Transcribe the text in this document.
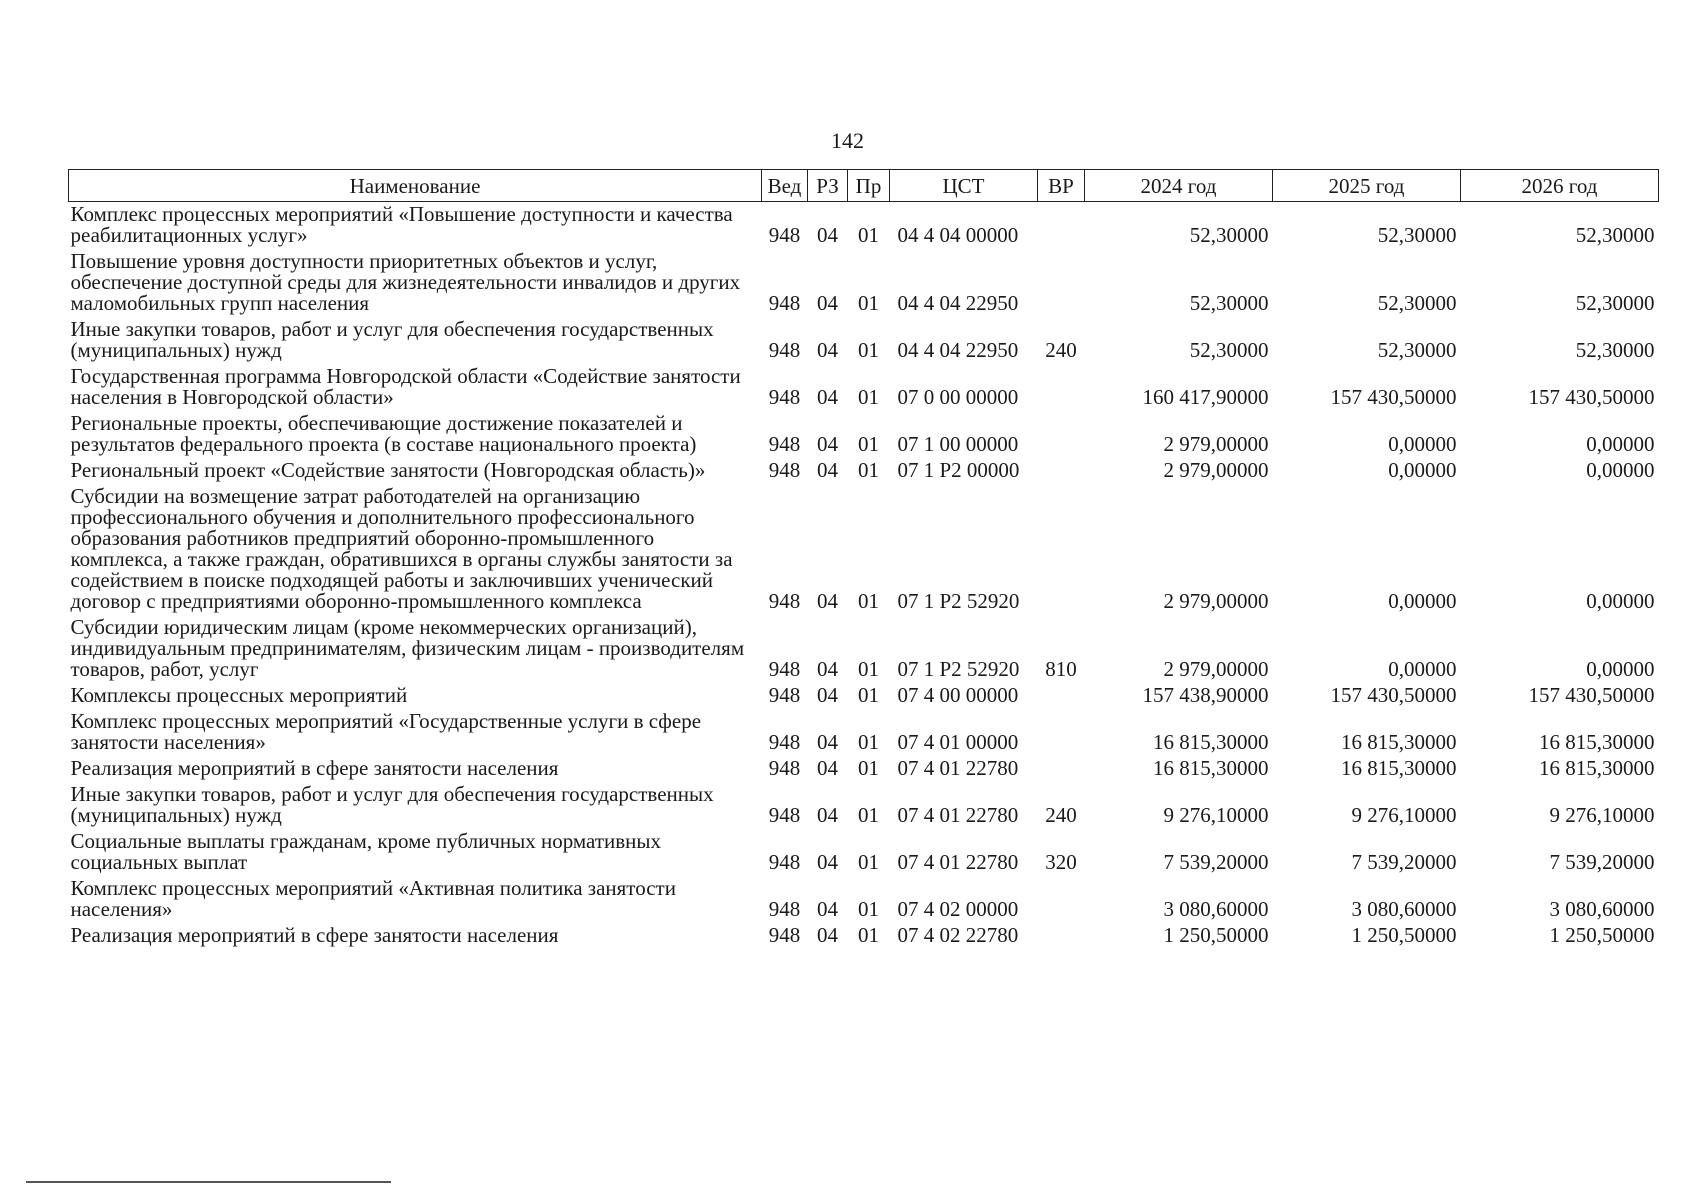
142
Наименование	Вед	РЗ	Пр	ЦСТ	ВР	2024 год	2025 год	2026 год
Комплекс процессных мероприятий «Повышение доступности и качества реабилитационных услуг»	948	04	01	04 4 04 00000		52,30000	52,30000	52,30000
Повышение уровня доступности приоритетных объектов и услуг, обеспечение доступной среды для жизнедеятельности инвалидов и других маломобильных групп населения	948	04	01	04 4 04 22950		52,30000	52,30000	52,30000
Иные закупки товаров, работ и услуг для обеспечения государственных (муниципальных) нужд	948	04	01	04 4 04 22950	240	52,30000	52,30000	52,30000
Государственная программа Новгородской области «Содействие занятости населения в Новгородской области»	948	04	01	07 0 00 00000		160 417,90000	157 430,50000	157 430,50000
Региональные проекты, обеспечивающие достижение показателей и результатов федерального проекта (в составе национального проекта)	948	04	01	07 1 00 00000		2 979,00000	0,00000	0,00000
Региональный проект «Содействие занятости (Новгородская область)»	948	04	01	07 1 P2 00000		2 979,00000	0,00000	0,00000
Субсидии на возмещение затрат работодателей на организацию профессионального обучения и дополнительного профессионального образования работников предприятий оборонно-промышленного комплекса, а также граждан, обратившихся в органы службы занятости за содействием в поиске подходящей работы и заключивших ученический договор с предприятиями оборонно-промышленного комплекса	948	04	01	07 1 P2 52920		2 979,00000	0,00000	0,00000
Субсидии юридическим лицам (кроме некоммерческих организаций), индивидуальным предпринимателям, физическим лицам - производителям товаров, работ, услуг	948	04	01	07 1 P2 52920	810	2 979,00000	0,00000	0,00000
Комплексы процессных мероприятий	948	04	01	07 4 00 00000		157 438,90000	157 430,50000	157 430,50000
Комплекс процессных мероприятий «Государственные услуги в сфере занятости населения»	948	04	01	07 4 01 00000		16 815,30000	16 815,30000	16 815,30000
Реализация мероприятий в сфере занятости населения	948	04	01	07 4 01 22780		16 815,30000	16 815,30000	16 815,30000
Иные закупки товаров, работ и услуг для обеспечения государственных (муниципальных) нужд	948	04	01	07 4 01 22780	240	9 276,10000	9 276,10000	9 276,10000
Социальные выплаты гражданам, кроме публичных нормативных социальных выплат	948	04	01	07 4 01 22780	320	7 539,20000	7 539,20000	7 539,20000
Комплекс процессных мероприятий «Активная политика занятости населения»	948	04	01	07 4 02 00000		3 080,60000	3 080,60000	3 080,60000
Реализация мероприятий в сфере занятости населения	948	04	01	07 4 02 22780		1 250,50000	1 250,50000	1 250,50000
